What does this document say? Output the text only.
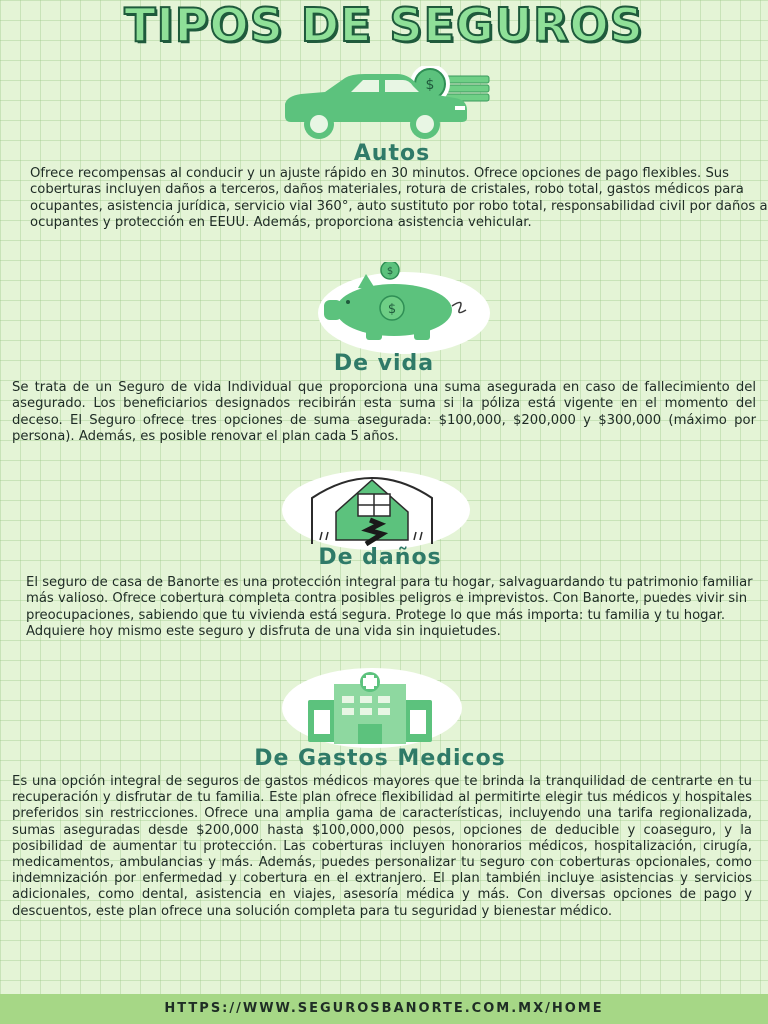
TIPOS DE SEGUROS
$
Autos

Ofrece recompensas al conducir y un ajuste rápido en 30 minutos. Ofrece opciones de pago flexibles. Sus coberturas incluyen daños a terceros, daños materiales, rotura de cristales, robo total, gastos médicos para ocupantes, asistencia jurídica, servicio vial 360°, auto sustituto por robo total, responsabilidad civil por daños a ocupantes y protección en EEUU. Además, proporciona asistencia vehicular.

$
$
De vida

Se trata de un Seguro de vida Individual que proporciona una suma asegurada en caso de fallecimiento del asegurado. Los beneficiarios designados recibirán esta suma si la póliza está vigente en el momento del deceso. El Seguro ofrece tres opciones de suma asegurada: $100,000, $200,000 y $300,000 (máximo por persona). Además, es posible renovar el plan cada 5 años.

De daños

El seguro de casa de Banorte es una protección integral para tu hogar, salvaguardando tu patrimonio familiar más valioso. Ofrece cobertura completa contra posibles peligros e imprevistos. Con Banorte, puedes vivir sin preocupaciones, sabiendo que tu vivienda está segura. Protege lo que más importa: tu familia y tu hogar. Adquiere hoy mismo este seguro y disfruta de una vida sin inquietudes.

De Gastos Medicos

Es una opción integral de seguros de gastos médicos mayores que te brinda la tranquilidad de centrarte en tu recuperación y disfrutar de tu familia. Este plan ofrece flexibilidad al permitirte elegir tus médicos y hospitales preferidos sin restricciones. Ofrece una amplia gama de características, incluyendo una tarifa regionalizada, sumas aseguradas desde $200,000 hasta $100,000,000 pesos, opciones de deducible y coaseguro, y la posibilidad de aumentar tu protección. Las coberturas incluyen honorarios médicos, hospitalización, cirugía, medicamentos, ambulancias y más. Además, puedes personalizar tu seguro con coberturas opcionales, como indemnización por enfermedad y cobertura en el extranjero. El plan también incluye asistencias y servicios adicionales, como dental, asistencia en viajes, asesoría médica y más. Con diversas opciones de pago y descuentos, este plan ofrece una solución completa para tu seguridad y bienestar médico.

HTTPS://WWW.SEGUROSBANORTE.COM.MX/HOME
